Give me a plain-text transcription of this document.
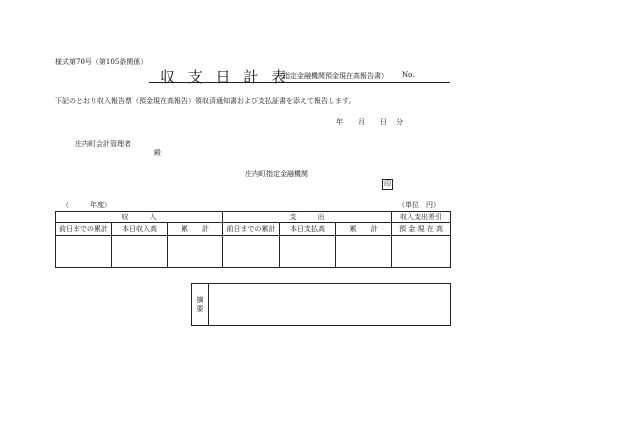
様式第70号（第105条関係）
収 支 日 計 表
（指定金融機関預金現在高報告書） No.
下記のとおり収入報告票（預金現在高報告）領収済通知書および支払証書を添えて報告します。
年 月 日 分
庄内町会計管理者
殿
庄内町指定金融機関
印
（　　　年度）	（単位　円）
収　　　入			支　　　出			収入支出差引
前日までの累計	本日収入高	累　　計	前日までの累計	本日支払高	累　　計	預 金 現 在 高

摘
要
